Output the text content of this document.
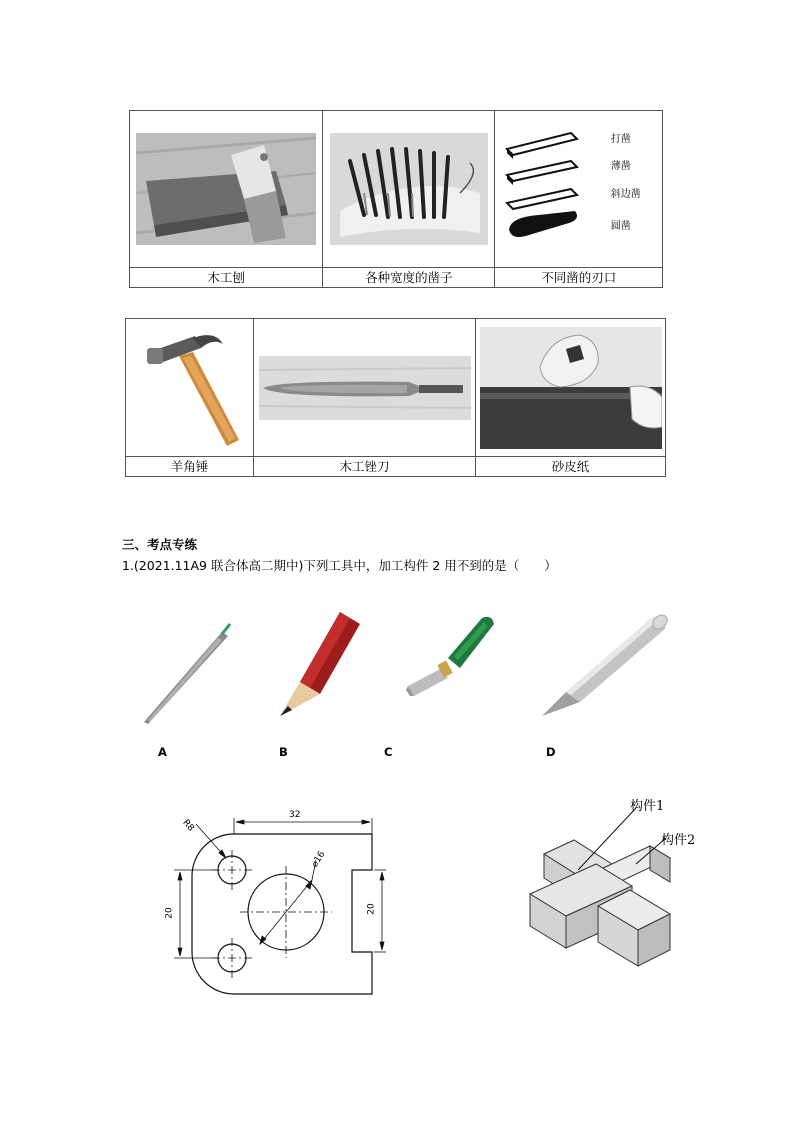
打凿
薄凿
斜边凿
圆凿

木工刨	各种宽度的凿子	不同凿的刃口

羊角锤	木工锉刀	砂皮纸
三、考点专练
1.(2021.11A9 联合体高二期中)下列工具中，加工构件 2 用不到的是（　　）
A	B	C	D
32
R8
⌀16
20	20
构件1
构件2
